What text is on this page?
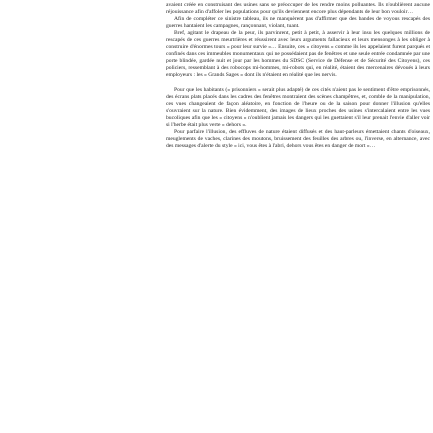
avaient créée en construisant des usines sans se préoccuper de les rendre moins polluantes. Ils n'oublièrent aucune réjouissance afin d'affoler les populations pour qu'ils deviennent encore plus dépendants de leur bon vouloir…

Afin de compléter ce sinistre tableau, ils ne manquèrent pas d'affirmer que des bandes de voyous rescapés des guerres hantaient les campagnes, rançonnant, violant, tuant.

Bref, agitant le drapeau de la peur, ils parvinrent, petit à petit, à asservir à leur insu les quelques millions de rescapés de ces guerres meurtrières et réussirent avec leurs arguments fallacieux et leurs mensonges à les obliger à construire d'énormes tours « pour leur survie »… Ensuite, ces « citoyens » comme ils les appelaient furent parqués et confinés dans ces immeubles monumentaux qui ne possédaient pas de fenêtres et une seule entrée condamnée par une porte blindée, gardée nuit et jour par les hommes du SDSC (Service de Défense et de Sécurité des Citoyens), ces policiers, ressemblant à des robocops mi-hommes, mi-robots qui, en réalité, étaient des mercenaires dévoués à leurs employeurs : les « Grands Sages » dont ils n'étaient en réalité que les nervis.

Pour que les habitants (« prisonniers » serait plus adapté) de ces cités n'aient pas le sentiment d'être emprisonnés, des écrans plats placés dans les cadres des fenêtres montraient des scènes champêtres, et, comble de la manipulation, ces vues changeaient de façon aléatoire, en fonction de l'heure ou de la saison pour donner l'illusion qu'elles s'ouvraient sur la nature. Bien évidemment, des images de lieux proches des usines s'intercalaient entre les vues bucoliques afin que les « citoyens » n'oublient jamais les dangers qui les guettaient s'il leur prenait l'envie d'aller voir si l'herbe était plus verte « dehors ».

Pour parfaire l'illusion, des effluves de nature étaient diffusés et des haut-parleurs émettaient chants d'oiseaux, meuglements de vaches, clarines des moutons, bruissement des feuilles des arbres ou, l'inverse, en alternance, avec des messages d'alerte du style « ici, vous êtes à l'abri, dehors vous êtes en danger de mort »…
